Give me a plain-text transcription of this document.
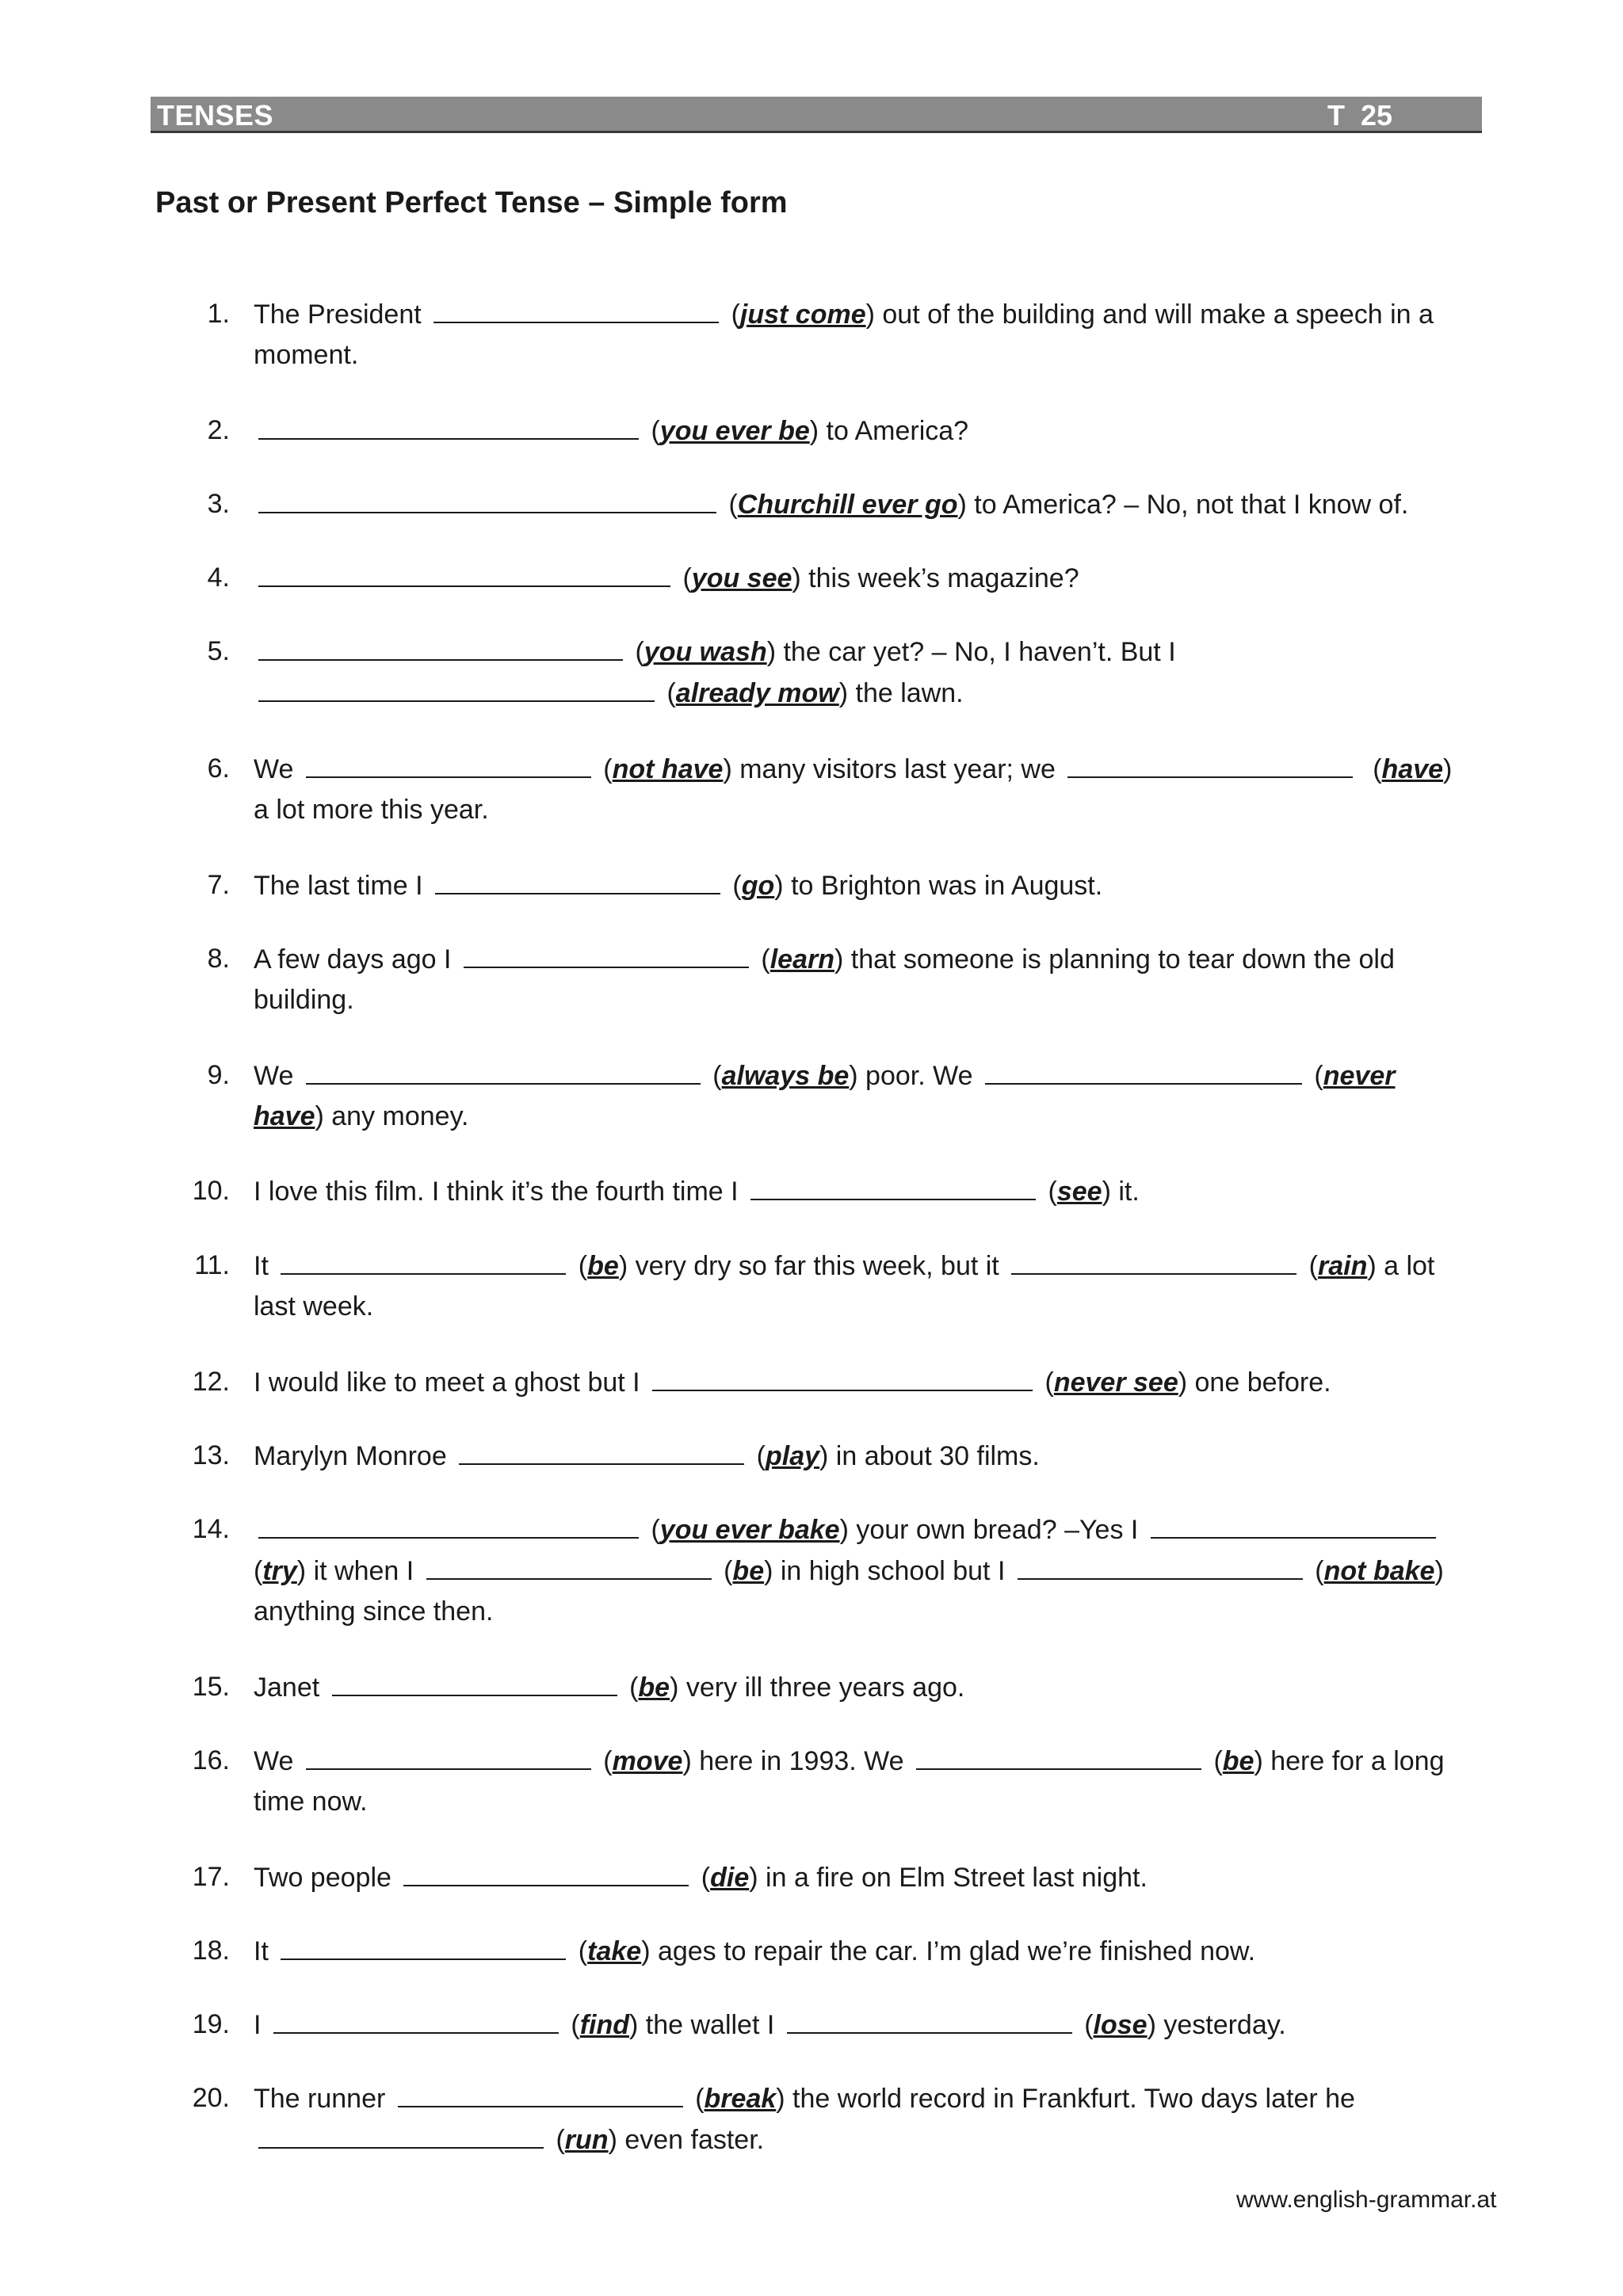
TENSES	T  25
Past or Present Perfect Tense – Simple form
1. The President	(just come) out of the building and will make a speech in a
moment.
2.	(you ever be) to America?
3.	(Churchill ever go) to America? – No, not that I know of.
4.	(you see) this week’s magazine?
5.	(you wash) the car yet? – No, I haven’t. But I
(already mow) the lawn.
6. We	(not have) many visitors last year; we	(have)
a lot more this year.
7. The last time I	(go) to Brighton was in August.
8. A few days ago I	(learn) that someone is planning to tear down the old
building.
9. We	(always be) poor. We	(never
have) any money.
10. I love this film. I think it’s the fourth time I	(see) it.
11. It	(be) very dry so far this week, but it	(rain) a lot
last week.
12. I would like to meet a ghost but I	(never see) one before.
13. Marylyn Monroe	(play) in about 30 films.
14.	(you ever bake) your own bread? –Yes I
(try) it when I	(be) in high school but I	(not bake)
anything since then.
15. Janet	(be) very ill three years ago.
16. We	(move) here in 1993. We	(be) here for a long
time now.
17. Two people	(die) in a fire on Elm Street last night.
18. It	(take) ages to repair the car. I’m glad we’re finished now.
19. I	(find) the wallet I	(lose) yesterday.
20. The runner	(break) the world record in Frankfurt. Two days later he
(run) even faster.
www.english-grammar.at
